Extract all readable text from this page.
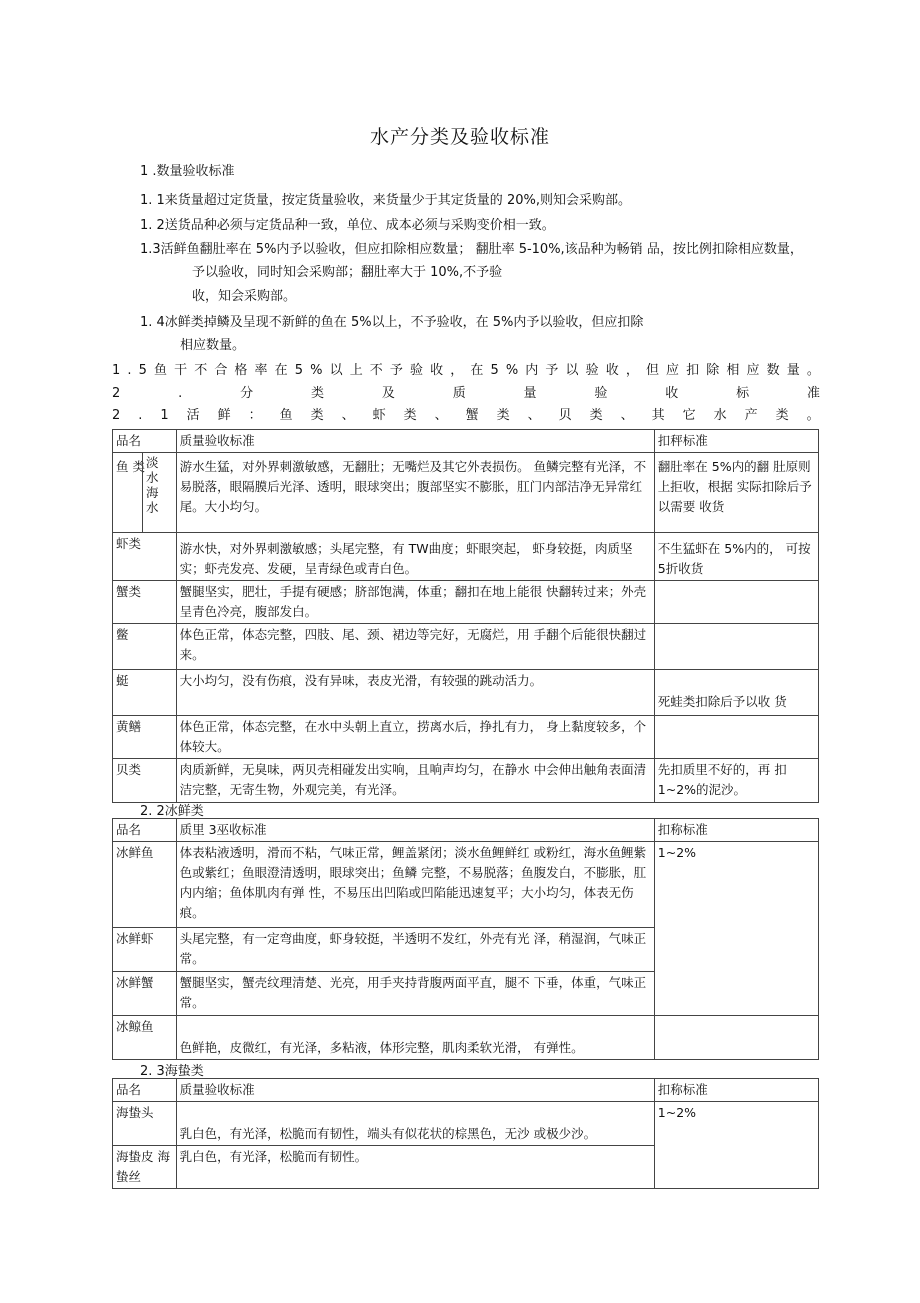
水产分类及验收标准
1 .数量验收标准
1. 1来货量超过定货量，按定货量验收，来货量少于其定货量的 20%,则知会采购部。
1. 2送货品种必须与定货品种一致，单位、成本必须与采购变价相一致。
1.3活鲜鱼翻肚率在 5%内予以验收，但应扣除相应数量； 翻肚率 5-10%,该品种为畅销 品，按比例扣除相应数量，
予以验收，同时知会采购部；翻肚率大于 10%,不予验
收，知会采购部。
1. 4冰鲜类掉鳞及呈现不新鲜的鱼在 5%以上，不予验收，在 5%内予以验收，但应扣除
相应数量。
1 . 5 鱼 干 不 合 格 率 在 5 % 以 上 不 予 验 收 ， 在 5 % 内 予 以 验 收 ， 但 应 扣 除 相 应 数 量 。
2	.	分	类	及	质	量	验	收	标	准
2 . 1 活 鲜 ： 鱼 类 、 虾 类 、 蟹 类 、 贝 类 、 其 它 水 产 类 。
品名	质量验收标准	扣秤标准

鱼 类 淡水海水	游水生猛，对外界刺激敏感，无翻肚；无嘴烂及其它外表损伤。 鱼鳞完整有光泽，不易脱落，眼隔膜后光泽、透明，眼球突出；腹部坚实不膨胀，肛门内部洁净无异常红尾。大小均匀。	翻肚率在 5%内的翻 肚原则上拒收，根据 实际扣除后予以需要 收货
虾类	游水快，对外界刺激敏感；头尾完整，有 TW曲度；虾眼突起， 虾身较挺，肉质坚实；虾壳发亮、发硬，呈青绿色或青白色。	不生猛虾在 5%内的， 可按 5折收货
蟹类	蟹腿坚实，肥壮，手提有硬感；脐部饱满，体重；翻扣在地上能很 快翻转过来；外壳呈青色冷亮，腹部发白。	
鳖	体色正常，体态完整，四肢、尾、颈、裙边等完好，无腐烂，用 手翻个后能很快翻过来。	
蜓	大小均匀，没有伤痕，没有异味，表皮光滑，有较强的跳动活力。	死蛙类扣除后予以收 货
黄鳝	体色正常，体态完整，在水中头朝上直立，捞离水后，挣扎有力， 身上黏度较多，个体较大。	
贝类	肉质新鲜，无臭味，两贝壳相碰发出实响，且响声均匀，在静水 中会伸出触角表面清洁完整，无寄生物，外观完美，有光泽。	先扣质里不好的，再 扣 1~2%的泥沙。
2. 2冰鲜类
品名	质里 3巫收标准	扣称标准
冰鲜鱼	体表粘液透明，滑而不粘，气味正常，鲤盖紧闭；淡水鱼鲤鲜红 或粉红，海水鱼鲤紫色或紫红；鱼眼澄清透明，眼球突出；鱼鳞 完整，不易脱落；鱼腹发白，不膨胀，肛内内缩；鱼体肌肉有弹 性，不易压出凹陷或凹陷能迅速复平；大小均匀，体表无伤痕。	1~2%
冰鲜虾	头尾完整，有一定弯曲度，虾身较挺，半透明不发红，外壳有光 泽，稍湿润，气味正常。	
冰鲜蟹	蟹腿坚实，蟹壳纹理清楚、光亮，用手夹持背腹两面平直，腿不 下垂，体重，气味正常。	
冰鲸鱼	色鲜艳，皮微红，有光泽，多粘液，体形完整，肌肉柔软光滑， 有弹性。	
2. 3海蛰类
品名	质量验收标准	扣称标准
海蛰头	乳白色，有光泽，松脆而有韧性，端头有似花状的棕黑色，无沙 或极少沙。	1~2%
海蛰皮 海蛰丝	乳白色，有光泽，松脆而有韧性。	
